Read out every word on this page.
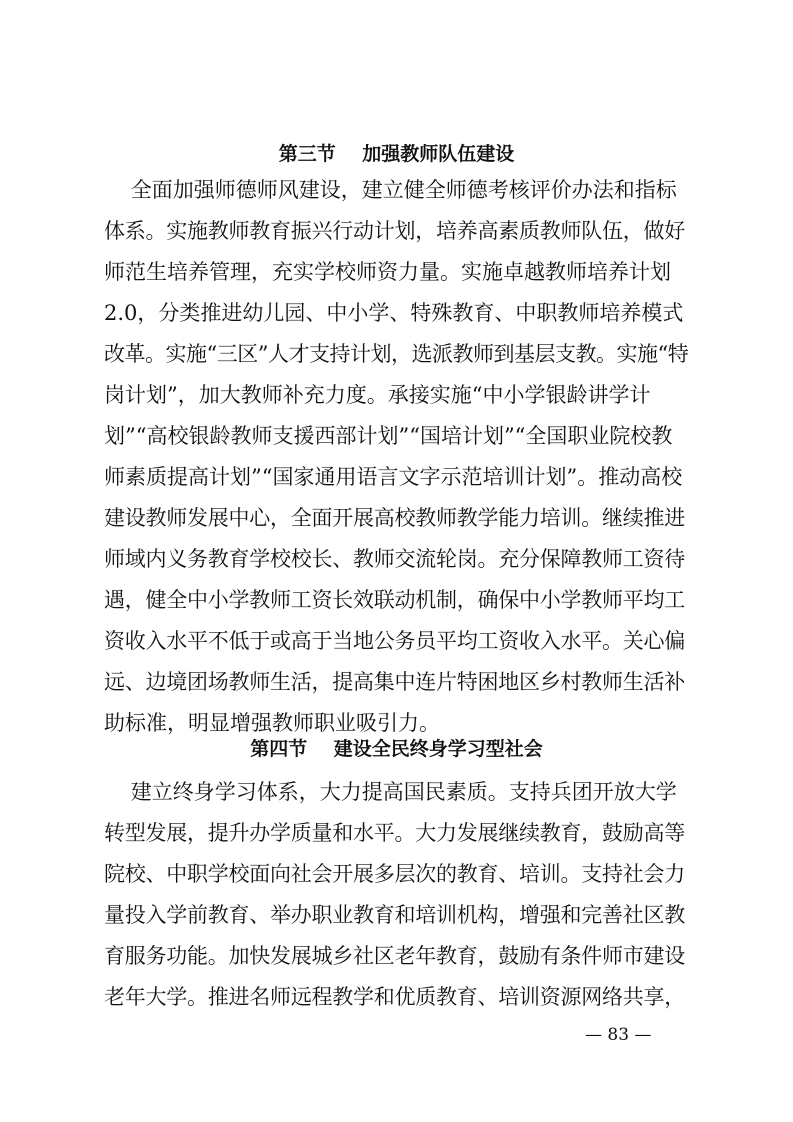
第三节    加强教师队伍建设

全面加强师德师风建设，建立健全师德考核评价办法和指标
体系。实施教师教育振兴行动计划，培养高素质教师队伍，做好
师范生培养管理，充实学校师资力量。实施卓越教师培养计划
2.0，分类推进幼儿园、中小学、特殊教育、中职教师培养模式
改革。实施“三区”人才支持计划，选派教师到基层支教。实施“特
岗计划”，加大教师补充力度。承接实施“中小学银龄讲学计
划”“高校银龄教师支援西部计划”“国培计划”“全国职业院校教
师素质提高计划”“国家通用语言文字示范培训计划”。推动高校
建设教师发展中心，全面开展高校教师教学能力培训。继续推进
师域内义务教育学校校长、教师交流轮岗。充分保障教师工资待
遇，健全中小学教师工资长效联动机制，确保中小学教师平均工
资收入水平不低于或高于当地公务员平均工资收入水平。关心偏
远、边境团场教师生活，提高集中连片特困地区乡村教师生活补
助标准，明显增强教师职业吸引力。

第四节    建设全民终身学习型社会

建立终身学习体系，大力提高国民素质。支持兵团开放大学
转型发展，提升办学质量和水平。大力发展继续教育，鼓励高等
院校、中职学校面向社会开展多层次的教育、培训。支持社会力
量投入学前教育、举办职业教育和培训机构，增强和完善社区教
育服务功能。加快发展城乡社区老年教育，鼓励有条件师市建设
老年大学。推进名师远程教学和优质教育、培训资源网络共享，

— 83 —
